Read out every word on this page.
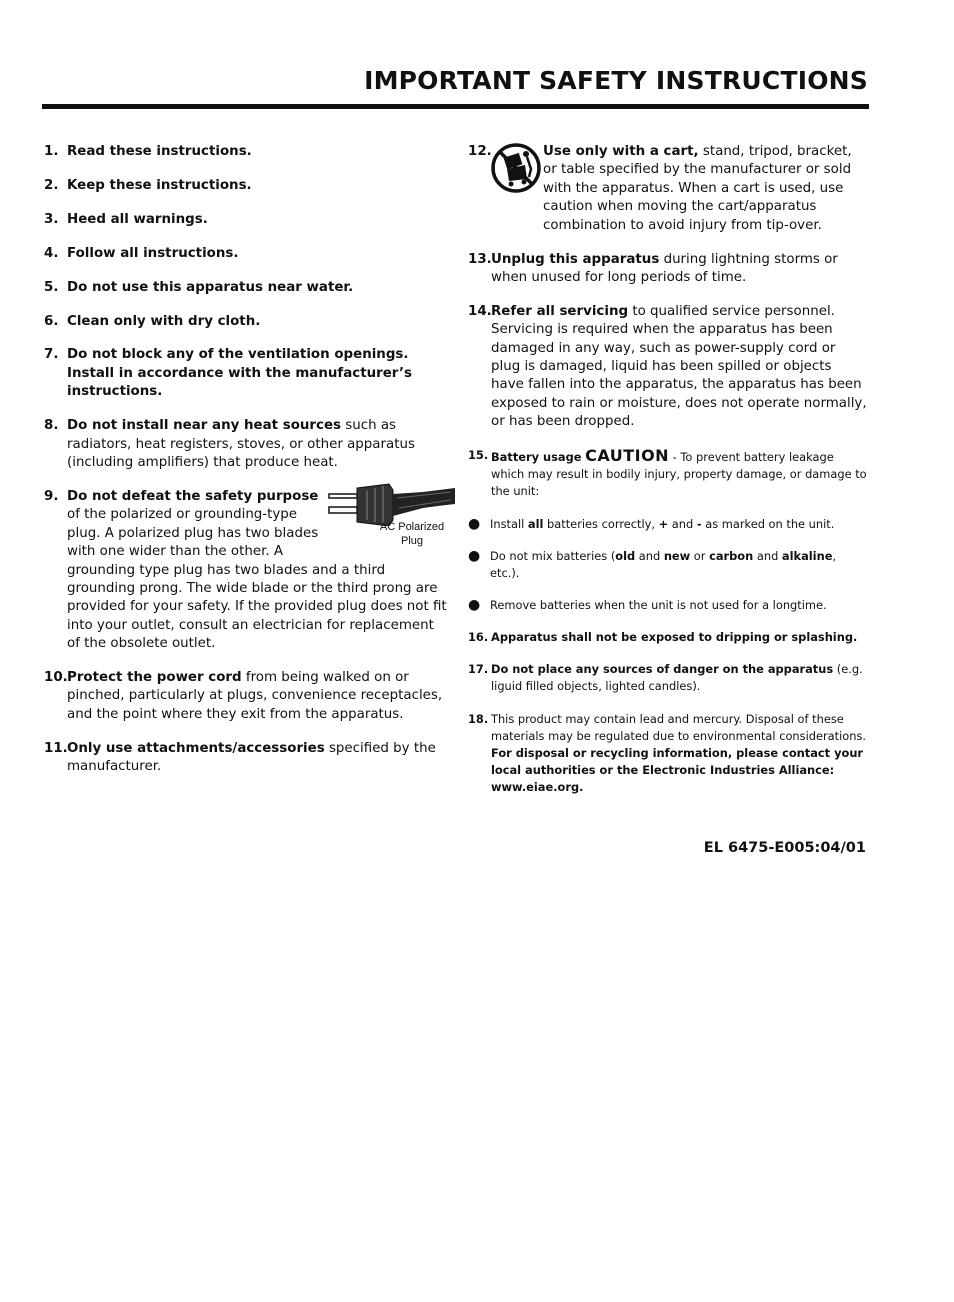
IMPORTANT SAFETY INSTRUCTIONS
1. Read these instructions.
2. Keep these instructions.
3. Heed all warnings.
4. Follow all instructions.
5. Do not use this apparatus near water.
6. Clean only with dry cloth.
7. Do not block any of the ventilation openings. Install in accordance with the manufacturer’s instructions.
8. Do not install near any heat sources such as radiators, heat registers, stoves, or other apparatus (including amplifiers) that produce heat.
9.
AC Polarized Plug
Do not defeat the safety purpose of the polarized or grounding-type plug. A polarized plug has two blades with one wider than the other. A grounding type plug has two blades and a third grounding prong. The wide blade or the third prong are provided for your safety. If the provided plug does not fit into your outlet, consult an electrician for replacement of the obsolete outlet.
10. Protect the power cord from being walked on or pinched, particularly at plugs, convenience receptacles, and the point where they exit from the apparatus.
11. Only use attachments/accessories specified by the manufacturer.
12.	Use only with a cart, stand, tripod, bracket, or table specified by the manufacturer or sold with the apparatus. When a cart is used, use caution when moving the cart/apparatus combination to avoid injury from tip-over.
13. Unplug this apparatus during lightning storms or when unused for long periods of time.
14. Refer all servicing to qualified service personnel. Servicing is required when the apparatus has been damaged in any way, such as power-supply cord or plug is damaged, liquid has been spilled or objects have fallen into the apparatus, the apparatus has been exposed to rain or moisture, does not operate normally, or has been dropped.
15. Battery usage CAUTION - To prevent battery leakage which may result in bodily injury, property damage, or damage to the unit:
● Install all batteries correctly, + and - as marked on the unit.
● Do not mix batteries (old and new or carbon and alkaline, etc.).
● Remove batteries when the unit is not used for a longtime.
16. Apparatus shall not be exposed to dripping or splashing.
17. Do not place any sources of danger on the apparatus (e.g. liguid filled objects, lighted candles).
18. This product may contain lead and mercury. Disposal of these materials may be regulated due to environmental considerations.
For disposal or recycling information, please contact your local authorities or the Electronic Industries Alliance: www.eiae.org.
EL 6475-E005:04/01
